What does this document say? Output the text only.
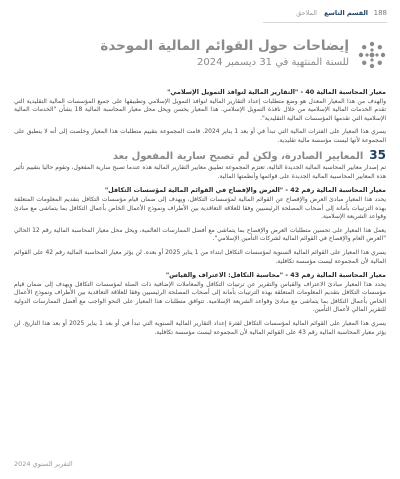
188
القسم التاسع
الملاحق
إيضاحات حول القوائم المالية الموحدة
للسنة المنتهية في 31 ديسمبر 2024
معيار المحاسبة المالية 40 - "التقارير المالية لنوافذ التمويل الإسلامي"

والهدف من هذا المعيار المعدل هو وضع متطلبات إعداد التقارير المالية لنوافذ التمويل الإسلامي وتطبيقها على جميع المؤسسات المالية التقليدية التي تقدم الخدمات المالية الإسلامية من خلال نافذة التمويل الإسلامي. هذا المعيار يحسن ويحل محل معيار المحاسبة المالية 18 بشأن "الخدمات المالية الإسلامية التي تقدمها المؤسسات المالية التقليدية".

يسري هذا المعيار على الفترات المالية التي تبدأ في أو بعد 1 يناير 2024. قامت المجموعة بتقييم متطلبات هذا المعيار وخلصت إلى أنه لا ينطبق على المجموعة لأنها ليست مؤسسة مالية تقليدية.

35
المعايير الصادرة، ولكن لم تصبح سارية المفعول بعد

تم إصدار معايير المحاسبة المالية الجديدة التالية، تعتزم المجموعة تطبيق معايير التقارير المالية هذه عندما تصبح سارية المفعول، وتقوم حاليا بتقييم تأثير هذه المعايير المحاسبية المالية الجديدة على قوائمها وأنظمتها المالية.

معيار المحاسبة المالية رقم 42 - "العرض والإفصاح في القوائم المالية لمؤسسات التكافل"

يحدد هذا المعيار مبادئ العرض والإفصاح عن القوائم المالية لمؤسسات التكافل، ويهدف إلى ضمان قيام مؤسسات التكافل بتقديم المعلومات المتعلقة بهذه الترتيبات بأمانة إلى أصحاب المصلحة الرئيسيين وفقا للعلاقة التعاقدية بين الأطراف ونموذج الأعمال الخاص بأعمال التكافل بما يتماشى مع مبادئ وقواعد الشريعة الإسلامية.

يعمل هذا المعيار على تحسين متطلبات العرض والإفصاح بما يتماشى مع أفضل الممارسات العالمية، ويحل محل معيار المحاسبة المالية رقم 12 الحالي "العرض العام والإفصاح في القوائم المالية لشركات التأمين الإسلامي".

يسري هذا المعيار على القوائم المالية السنوية لمؤسسات التكافل ابتداء من 1 يناير 2025 أو بعده. لن يؤثر معيار المحاسبة المالية رقم 42 على القوائم المالية لأن المجموعة ليست مؤسسة تكافلية.

معيار المحاسبة المالية رقم 43 - "محاسبة التكافل: الاعتراف والقياس"

يحدد هذا المعيار مبادئ الاعتراف والقياس والتقرير عن ترتيبات التكافل والمعاملات الإضافية ذات الصلة لمؤسسات التكافل ويهدف إلى ضمان قيام مؤسسات التكافل بتقديم المعلومات المتعلقة بهذه الترتيبات بأمانة إلى أصحاب المصلحة الرئيسيين وفقا للعلاقة التعاقدية بين الأطراف ونموذج الأعمال الخاص بأعمال التكافل بما يتماشى مع مبادئ وقواعد الشريعة الإسلامية. تتوافق متطلبات هذا المعيار على النحو الواجب مع أفضل الممارسات الدولية للتقرير المالي لأعمال التأمين.

يسري هذا المعيار على القوائم المالية لمؤسسات التكافل لفترة إعداد التقارير المالية السنوية التي تبدأ في أو بعد 1 يناير 2025 أو بعد هذا التاريخ. لن يؤثر معيار المحاسبة المالية رقم 43 على القوائم المالية لأن المجموعة ليست مؤسسة تكافلية.

التقرير السنوي 2024
